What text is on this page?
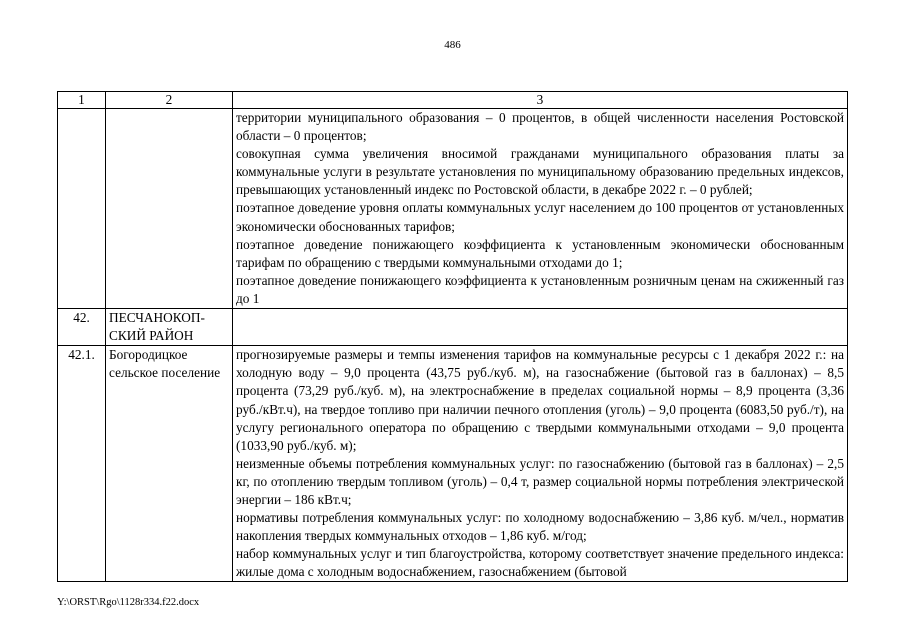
486
1	2	3

		территории муниципального образования – 0 процентов, в общей численности населения Ростовской области – 0 процентов;

совокупная сумма увеличения вносимой гражданами муниципального образования платы за коммунальные услуги в результате установления по муниципальному образованию предельных индексов, превышающих установленный индекс по Ростовской области, в декабре 2022 г. – 0 рублей;

поэтапное доведение уровня оплаты коммунальных услуг населением до 100 процентов от установленных экономически обоснованных тарифов;

поэтапное доведение понижающего коэффициента к установленным экономически обоснованным тарифам по обращению с твердыми коммунальными отходами до 1;

поэтапное доведение понижающего коэффициента к установленным розничным ценам на сжиженный газ до 1

42.	ПЕСЧАНОКОП-СКИЙ РАЙОН	
42.1.	Богородицкое сельское поселение	прогнозируемые размеры и темпы изменения тарифов на коммунальные ресурсы с 1 декабря 2022 г.: на холодную воду – 9,0 процента (43,75 руб./куб. м), на газоснабжение (бытовой газ в баллонах) – 8,5 процента (73,29 руб./куб. м), на электроснабжение в пределах социальной нормы – 8,9 процента (3,36 руб./кВт.ч), на твердое топливо при наличии печного отопления (уголь) – 9,0 процента (6083,50 руб./т), на услугу регионального оператора по обращению с твердыми коммунальными отходами – 9,0 процента (1033,90 руб./куб. м);

неизменные объемы потребления коммунальных услуг: по газоснабжению (бытовой газ в баллонах) – 2,5 кг, по отоплению твердым топливом (уголь) – 0,4 т, размер социальной нормы потребления электрической энергии – 186 кВт.ч;

нормативы потребления коммунальных услуг: по холодному водоснабжению – 3,86 куб. м/чел., норматив накопления твердых коммунальных отходов – 1,86 куб. м/год;

набор коммунальных услуг и тип благоустройства, которому соответствует значение предельного индекса: жилые дома с холодным водоснабжением, газоснабжением (бытовой

Y:\ORST\Rgo\1128r334.f22.docx
